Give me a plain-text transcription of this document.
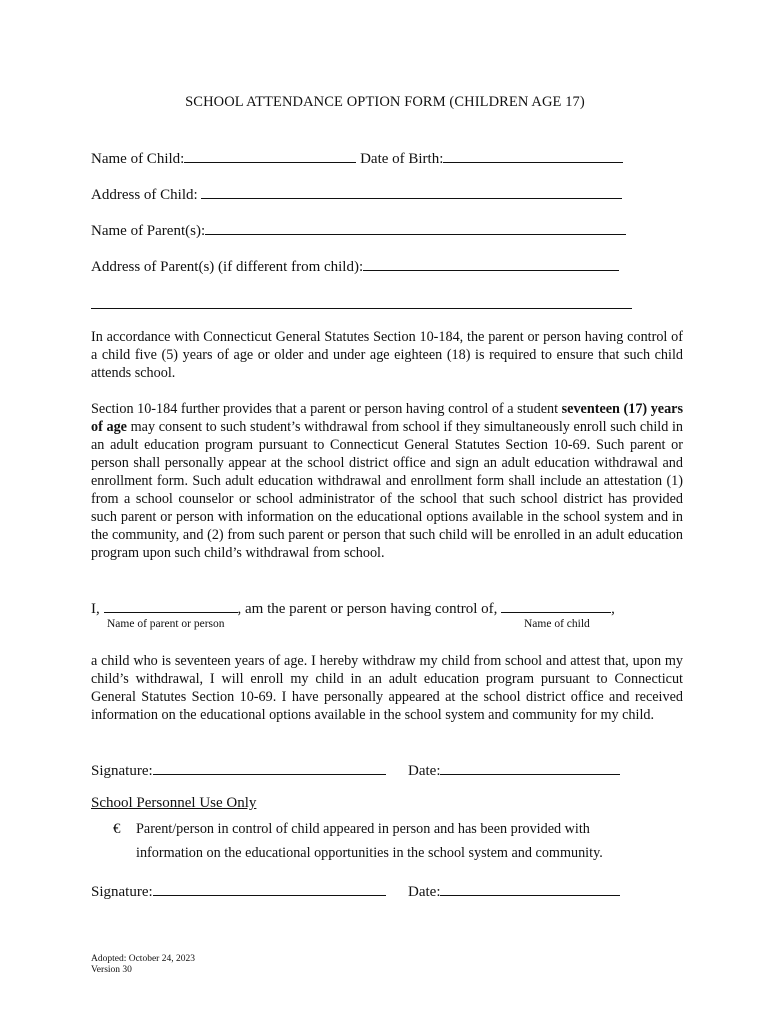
SCHOOL ATTENDANCE OPTION FORM (CHILDREN AGE 17)
Name of Child:	Date of Birth:
Address of Child:
Name of Parent(s):
Address of Parent(s) (if different from child):
In accordance with Connecticut General Statutes Section 10-184, the parent or person having control of a child five (5) years of age or older and under age eighteen (18) is required to ensure that such child attends school.
Section 10-184 further provides that a parent or person having control of a student seventeen (17) years of age may consent to such student’s withdrawal from school if they simultaneously enroll such child in an adult education program pursuant to Connecticut General Statutes Section 10-69. Such parent or person shall personally appear at the school district office and sign an adult education withdrawal and enrollment form. Such adult education withdrawal and enrollment form shall include an attestation (1) from a school counselor or school administrator of the school that such school district has provided such parent or person with information on the educational options available in the school system and in the community, and (2) from such parent or person that such child will be enrolled in an adult education program upon such child’s withdrawal from school.
I,	, am the parent or person having control of,	,
Name of parent or person	Name of child
a child who is seventeen years of age. I hereby withdraw my child from school and attest that, upon my child’s withdrawal, I will enroll my child in an adult education program pursuant to Connecticut General Statutes Section 10-69. I have personally appeared at the school district office and received information on the educational options available in the school system and community for my child.
Signature:	Date:
School Personnel Use Only
€ Parent/person in control of child appeared in person and has been provided with
information on the educational opportunities in the school system and community.
Signature:	Date:
Adopted: October 24, 2023
Version 30
